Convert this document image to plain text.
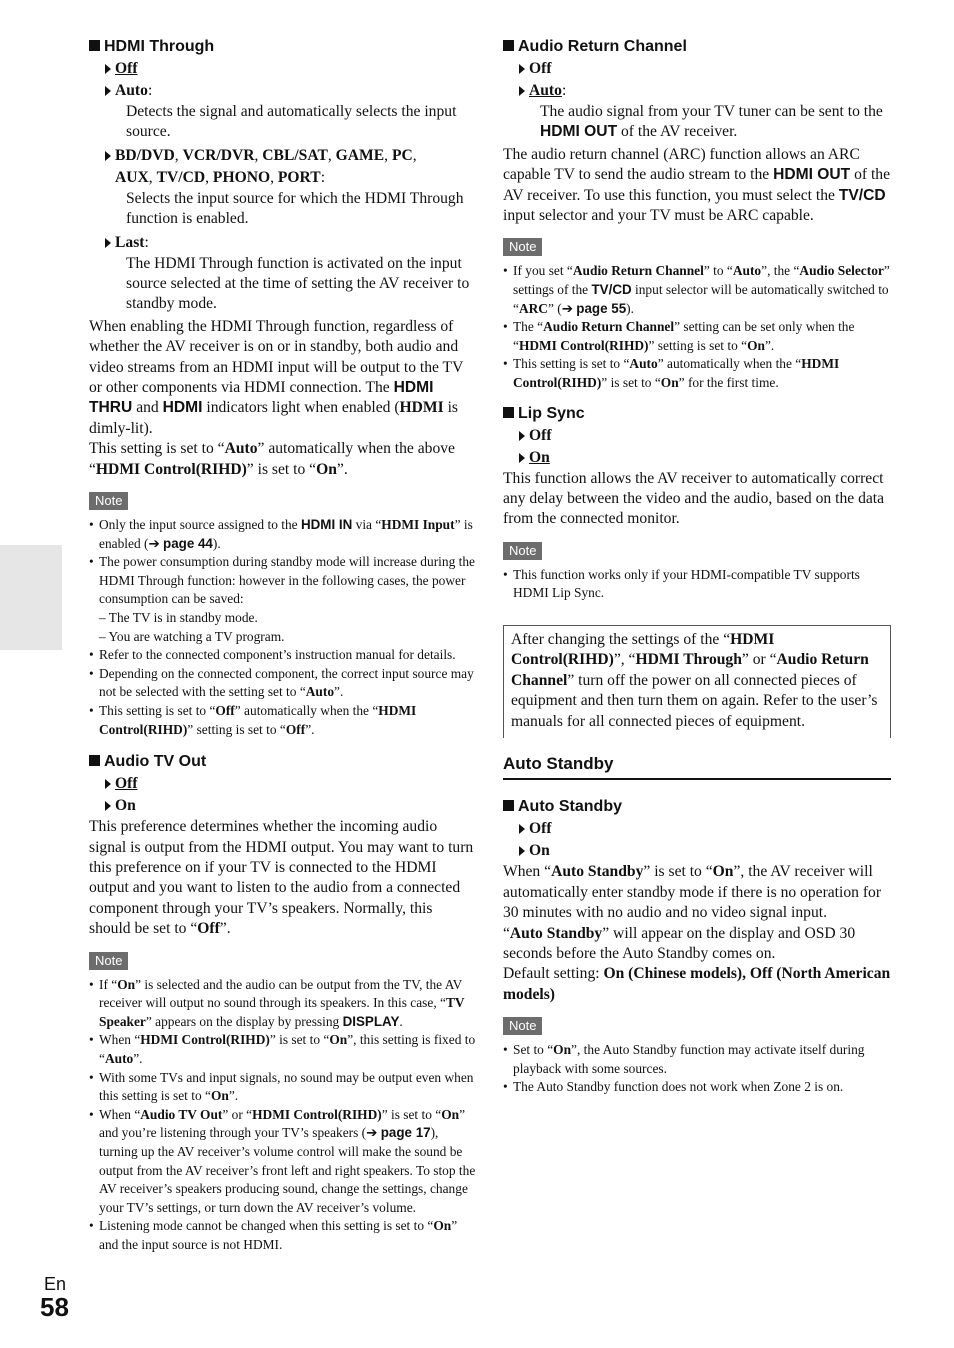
HDMI Through

Off
Auto:
Detects the signal and automatically selects the input source.
BD/DVD, VCR/DVR, CBL/SAT, GAME, PC,
AUX, TV/CD, PHONO, PORT:
Selects the input source for which the HDMI Through function is enabled.
Last:
The HDMI Through function is activated on the input source selected at the time of setting the AV receiver to standby mode.

When enabling the HDMI Through function, regardless of whether the AV receiver is on or in standby, both audio and video streams from an HDMI input will be output to the TV or other components via HDMI connection. The HDMI THRU and HDMI indicators light when enabled (HDMI is dimly-lit).

This setting is set to “Auto” automatically when the above “HDMI Control(RIHD)” is set to “On”.

Note
• Only the input source assigned to the HDMI IN via “HDMI Input” is enabled (➔ page 44).
• The power consumption during standby mode will increase during the HDMI Through function: however in the following cases, the power consumption can be saved:
– The TV is in standby mode.
– You are watching a TV program.
• Refer to the connected component’s instruction manual for details.
• Depending on the connected component, the correct input source may not be selected with the setting set to “Auto”.
• This setting is set to “Off” automatically when the “HDMI Control(RIHD)” setting is set to “Off”.

Audio TV Out

Off
On

This preference determines whether the incoming audio signal is output from the HDMI output. You may want to turn this preference on if your TV is connected to the HDMI output and you want to listen to the audio from a connected component through your TV’s speakers. Normally, this should be set to “Off”.

Note
• If “On” is selected and the audio can be output from the TV, the AV receiver will output no sound through its speakers. In this case, “TV Speaker” appears on the display by pressing DISPLAY.
• When “HDMI Control(RIHD)” is set to “On”, this setting is fixed to “Auto”.
• With some TVs and input signals, no sound may be output even when this setting is set to “On”.
• When “Audio TV Out” or “HDMI Control(RIHD)” is set to “On” and you’re listening through your TV’s speakers (➔ page 17), turning up the AV receiver’s volume control will make the sound be output from the AV receiver’s front left and right speakers. To stop the AV receiver’s speakers producing sound, change the settings, change your TV’s settings, or turn down the AV receiver’s volume.
• Listening mode cannot be changed when this setting is set to “On” and the input source is not HDMI.

Audio Return Channel

Off
Auto:
The audio signal from your TV tuner can be sent to the HDMI OUT of the AV receiver.

The audio return channel (ARC) function allows an ARC capable TV to send the audio stream to the HDMI OUT of the AV receiver. To use this function, you must select the TV/CD input selector and your TV must be ARC capable.

Note
• If you set “Audio Return Channel” to “Auto”, the “Audio Selector” settings of the TV/CD input selector will be automatically switched to “ARC” (➔ page 55).
• The “Audio Return Channel” setting can be set only when the “HDMI Control(RIHD)” setting is set to “On”.
• This setting is set to “Auto” automatically when the “HDMI Control(RIHD)” is set to “On” for the first time.

Lip Sync

Off
On

This function allows the AV receiver to automatically correct any delay between the video and the audio, based on the data from the connected monitor.

Note
• This function works only if your HDMI-compatible TV supports HDMI Lip Sync.
After changing the settings of the “HDMI Control(RIHD)”, “HDMI Through” or “Audio Return Channel” turn off the power on all connected pieces of equipment and then turn them on again. Refer to the user’s manuals for all connected pieces of equipment.
Auto Standby

Auto Standby

Off
On

When “Auto Standby” is set to “On”, the AV receiver will automatically enter standby mode if there is no operation for 30 minutes with no audio and no video signal input.

“Auto Standby” will appear on the display and OSD 30 seconds before the Auto Standby comes on.

Default setting: On (Chinese models), Off (North American models)

Note
• Set to “On”, the Auto Standby function may activate itself during playback with some sources.
• The Auto Standby function does not work when Zone 2 is on.
En
58
